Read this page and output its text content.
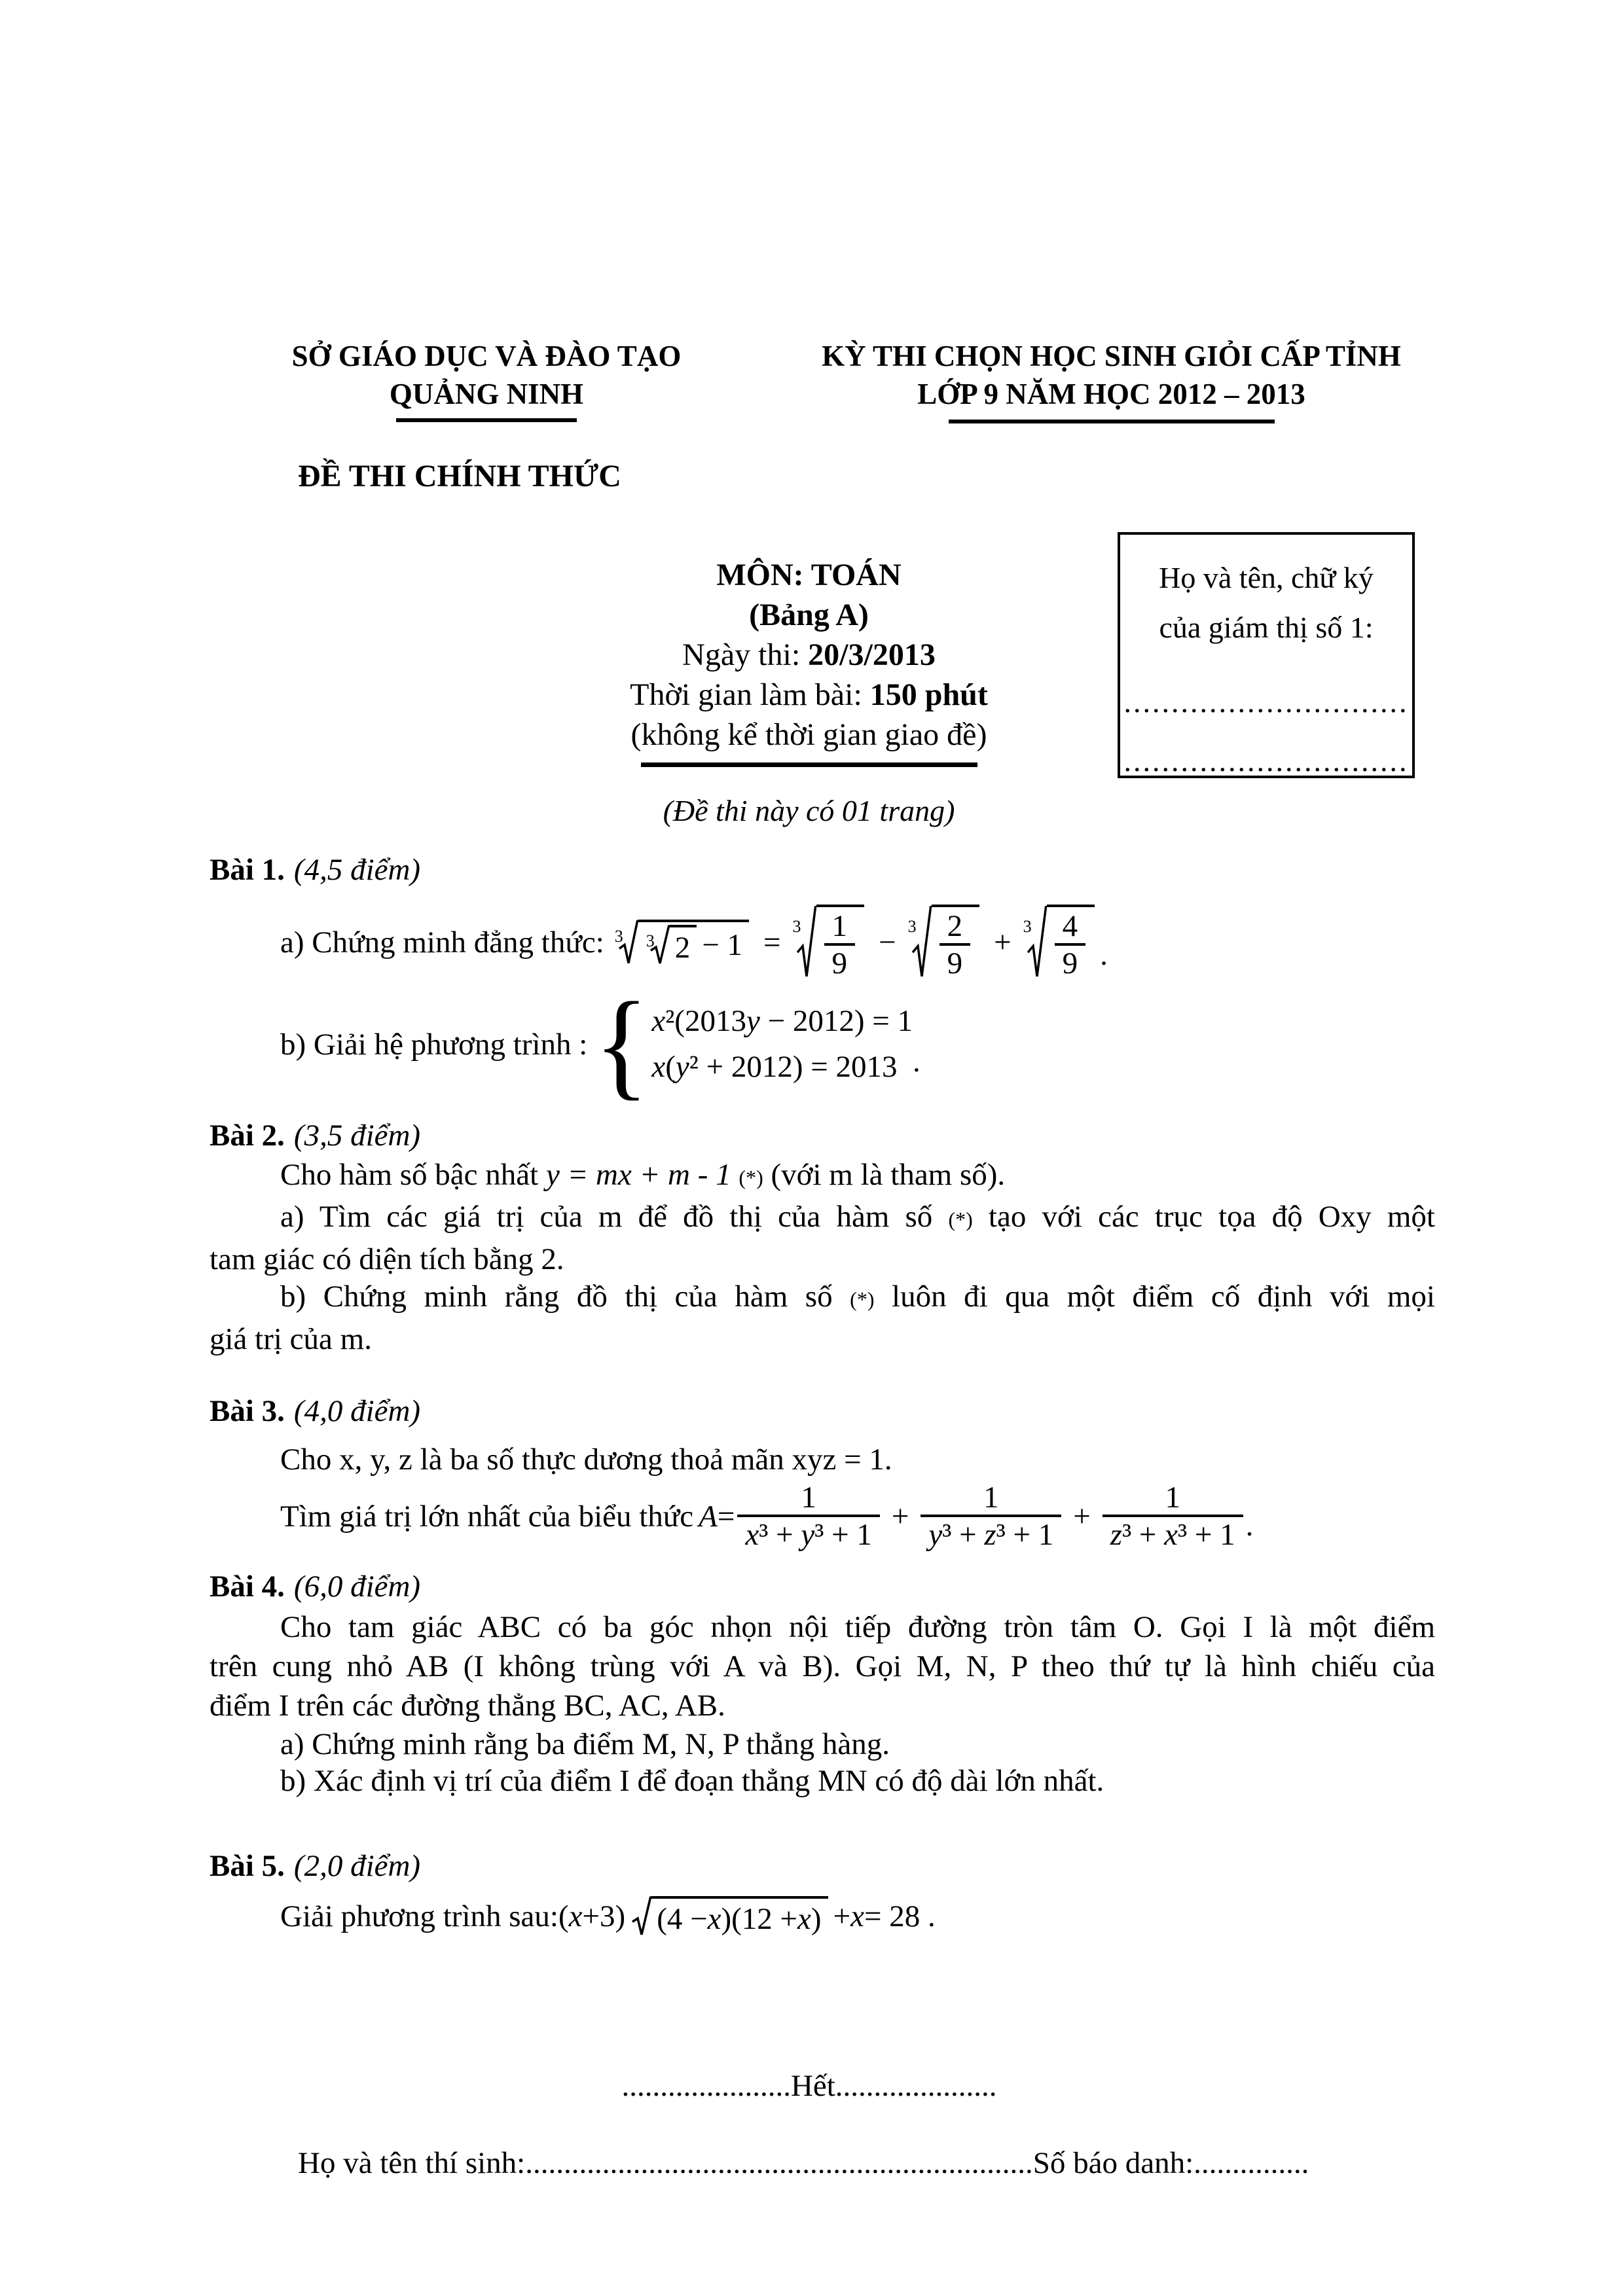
SỞ GIÁO DỤC VÀ ĐÀO TẠO
QUẢNG NINH
KỲ THI CHỌN HỌC SINH GIỎI CẤP TỈNH
LỚP 9 NĂM HỌC 2012 – 2013
ĐỀ THI CHÍNH THỨC
MÔN: TOÁN
(Bảng A)
Ngày thi: 20/3/2013
Thời gian làm bài: 150 phút
(không kể thời gian giao đề)
Họ và tên, chữ ký
của giám thị số 1:
..............................
..............................
(Đề thi này có 01 trang)
Bài 1. (4,5 điểm)
a) Chứng minh đẳng thức: 3 3 $2 - 1 = 3 \frac{1}{9} - 3 \frac{2}{9} + 3 \frac{4}{9}$ .
b) Giải hệ phương trình : { x²(2013y − 2012) = 1
x(y² + 2012) = 2013 .
Bài 2. (3,5 điểm)
Cho hàm số bậc nhất y = mx + m - 1 (*) (với m là tham số).
a) Tìm các giá trị của m để đồ thị của hàm số (*) tạo với các trục tọa độ Oxy một
tam giác có diện tích bằng 2.
b) Chứng minh rằng đồ thị của hàm số (*) luôn đi qua một điểm cố định với mọi
giá trị của m.
Bài 3. (4,0 điểm)
Cho x, y, z là ba số thực dương thoả mãn xyz = 1.
Tìm giá trị lớn nhất của biểu thức $A = \frac{1}{\text{x³ + y³ + 1}} + \frac{1}{\text{y³ + z³ + 1}} + \frac{1}{\text{z³ + x³ + 1}}$ .
Bài 4. (6,0 điểm)
Cho tam giác ABC có ba góc nhọn nội tiếp đường tròn tâm O. Gọi I là một điểm
trên cung nhỏ AB (I không trùng với A và B). Gọi M, N, P theo thứ tự là hình chiếu của
điểm I trên các đường thẳng BC, AC, AB.
a) Chứng minh rằng ba điểm M, N, P thẳng hàng.
b) Xác định vị trí của điểm I để đoạn thẳng MN có độ dài lớn nhất.
Bài 5. (2,0 điểm)
Giải phương trình sau: ( x +3) (4 − x )(12 + x ) + x = 28 .
......................Hết.....................
Họ và tên thí sinh:..................................................................Số báo danh:...............
